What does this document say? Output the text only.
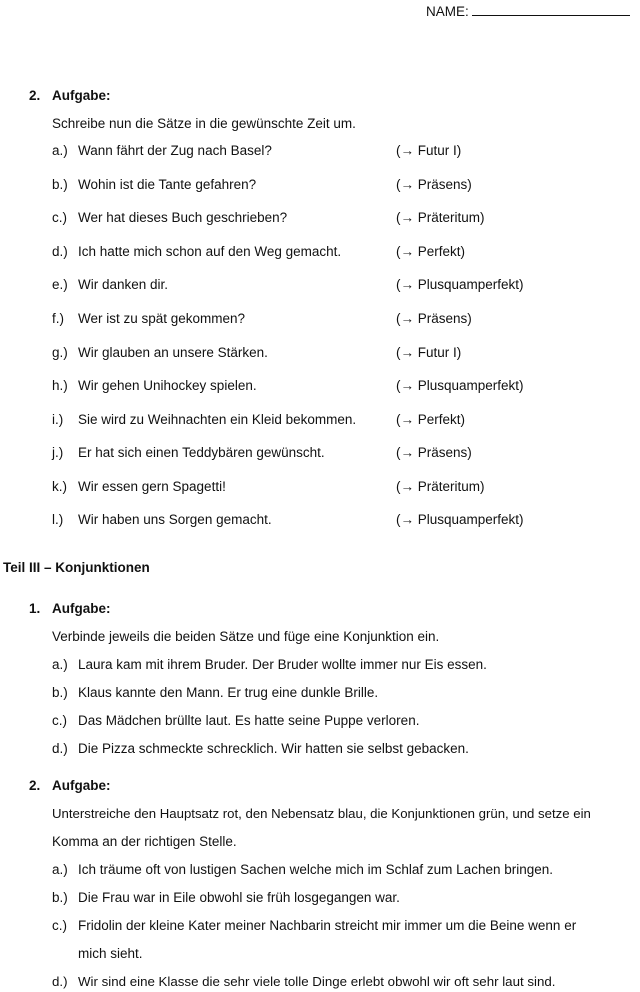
NAME:
2. Aufgabe:
Schreibe nun die Sätze in die gewünschte Zeit um.
a.) Wann fährt der Zug nach Basel?	(→ Futur I)
b.) Wohin ist die Tante gefahren?	(→ Präsens)
c.) Wer hat dieses Buch geschrieben?	(→ Präteritum)
d.) Ich hatte mich schon auf den Weg gemacht.	(→ Perfekt)
e.) Wir danken dir.	(→ Plusquamperfekt)
f.) Wer ist zu spät gekommen?	(→ Präsens)
g.) Wir glauben an unsere Stärken.	(→ Futur I)
h.) Wir gehen Unihockey spielen.	(→ Plusquamperfekt)
i.) Sie wird zu Weihnachten ein Kleid bekommen.	(→ Perfekt)
j.) Er hat sich einen Teddybären gewünscht.	(→ Präsens)
k.) Wir essen gern Spagetti!	(→ Präteritum)
l.) Wir haben uns Sorgen gemacht.	(→ Plusquamperfekt)
Teil III – Konjunktionen
1. Aufgabe:
Verbinde jeweils die beiden Sätze und füge eine Konjunktion ein.
a.) Laura kam mit ihrem Bruder. Der Bruder wollte immer nur Eis essen.
b.) Klaus kannte den Mann. Er trug eine dunkle Brille.
c.) Das Mädchen brüllte laut. Es hatte seine Puppe verloren.
d.) Die Pizza schmeckte schrecklich. Wir hatten sie selbst gebacken.
2. Aufgabe:
Unterstreiche den Hauptsatz rot, den Nebensatz blau, die Konjunktionen grün, und setze ein
Komma an der richtigen Stelle.
a.) Ich träume oft von lustigen Sachen welche mich im Schlaf zum Lachen bringen.
b.) Die Frau war in Eile obwohl sie früh losgegangen war.
c.) Fridolin der kleine Kater meiner Nachbarin streicht mir immer um die Beine wenn er
mich sieht.
d.) Wir sind eine Klasse die sehr viele tolle Dinge erlebt obwohl wir oft sehr laut sind.
